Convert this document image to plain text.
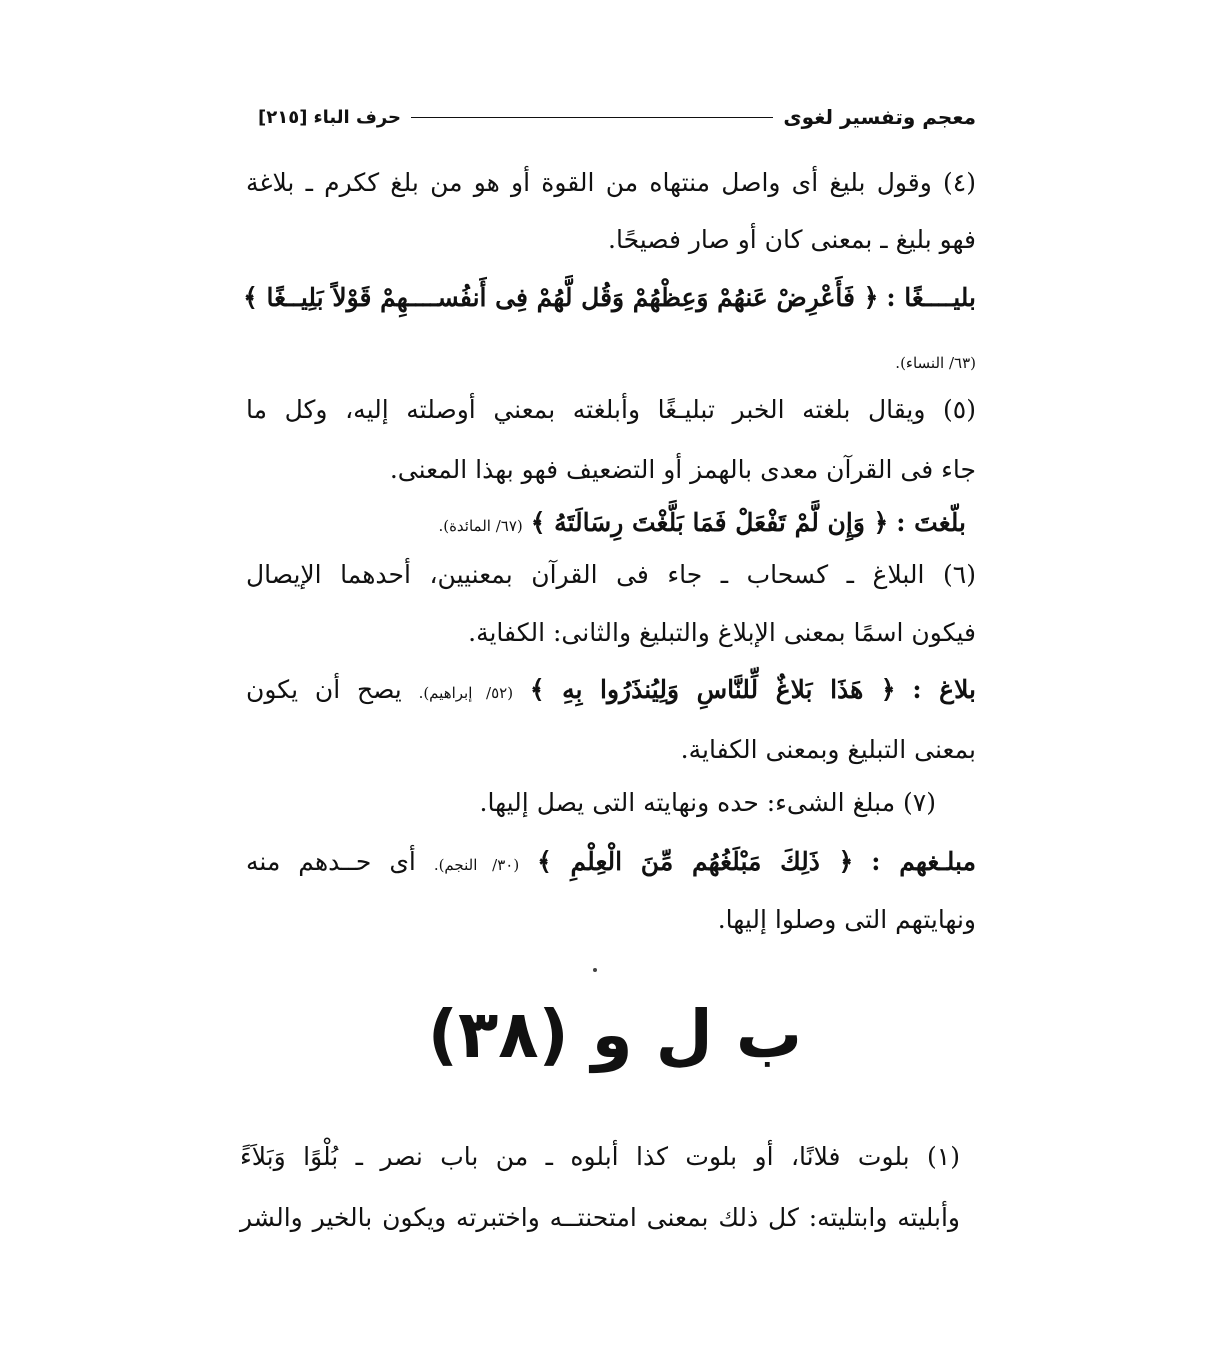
معجم وتفسير لغوى
حرف الباء
[٢١٥]
(٤) وقول بليغ أى واصل منتهاه من القوة أو هو من بلغ ككرم ـ بلاغة
فهو بليغ ـ بمعنى كان أو صار فصيحًا.
بليــــغًا : ﴿ فَأَعْرِضْ عَنهُمْ وَعِظْهُمْ وَقُل لَّهُمْ فِى أَنفُســــهِمْ قَوْلاً بَلِيــغًا ﴾
(٦٣/ النساء).
(٥) ويقال بلغته الخبر تبليـغًا وأبلغته بمعني أوصلته إليه، وكل ما
جاء فى القرآن معدى بالهمز أو التضعيف فهو بهذا المعنى.
بلّغتَ : ﴿ وَإِن لَّمْ تَفْعَلْ فَمَا بَلَّغْتَ رِسَالَتَهُ ﴾ (٦٧/ المائدة).
(٦) البلاغ ـ كسحاب ـ جاء فى القرآن بمعنيين، أحدهما الإيصال
فيكون اسمًا بمعنى الإبلاغ والتبليغ والثانى: الكفاية.
بلاغ : ﴿ هَذَا بَلاغٌ لِّلنَّاسِ وَلِيُنذَرُوا بِهِ ﴾ (٥٢/ إبراهيم). يصح أن يكون
بمعنى التبليغ وبمعنى الكفاية.
(٧) مبلغ الشىء: حده ونهايته التى يصل إليها.
مبلـغهم : ﴿ ذَلِكَ مَبْلَغُهُم مِّنَ الْعِلْمِ ﴾ (٣٠/ النجم). أى حــدهم منه
ونهايتهم التى وصلوا إليها.
ب ل و (٣٨)
(١) بلوت فلانًا، أو بلوت كذا أبلوه ـ من باب نصر ـ بُلْوًا وَبَلاَءً
وأبليته وابتليته: كل ذلك بمعنى امتحنتــه واختبرته ويكون بالخير والشر
